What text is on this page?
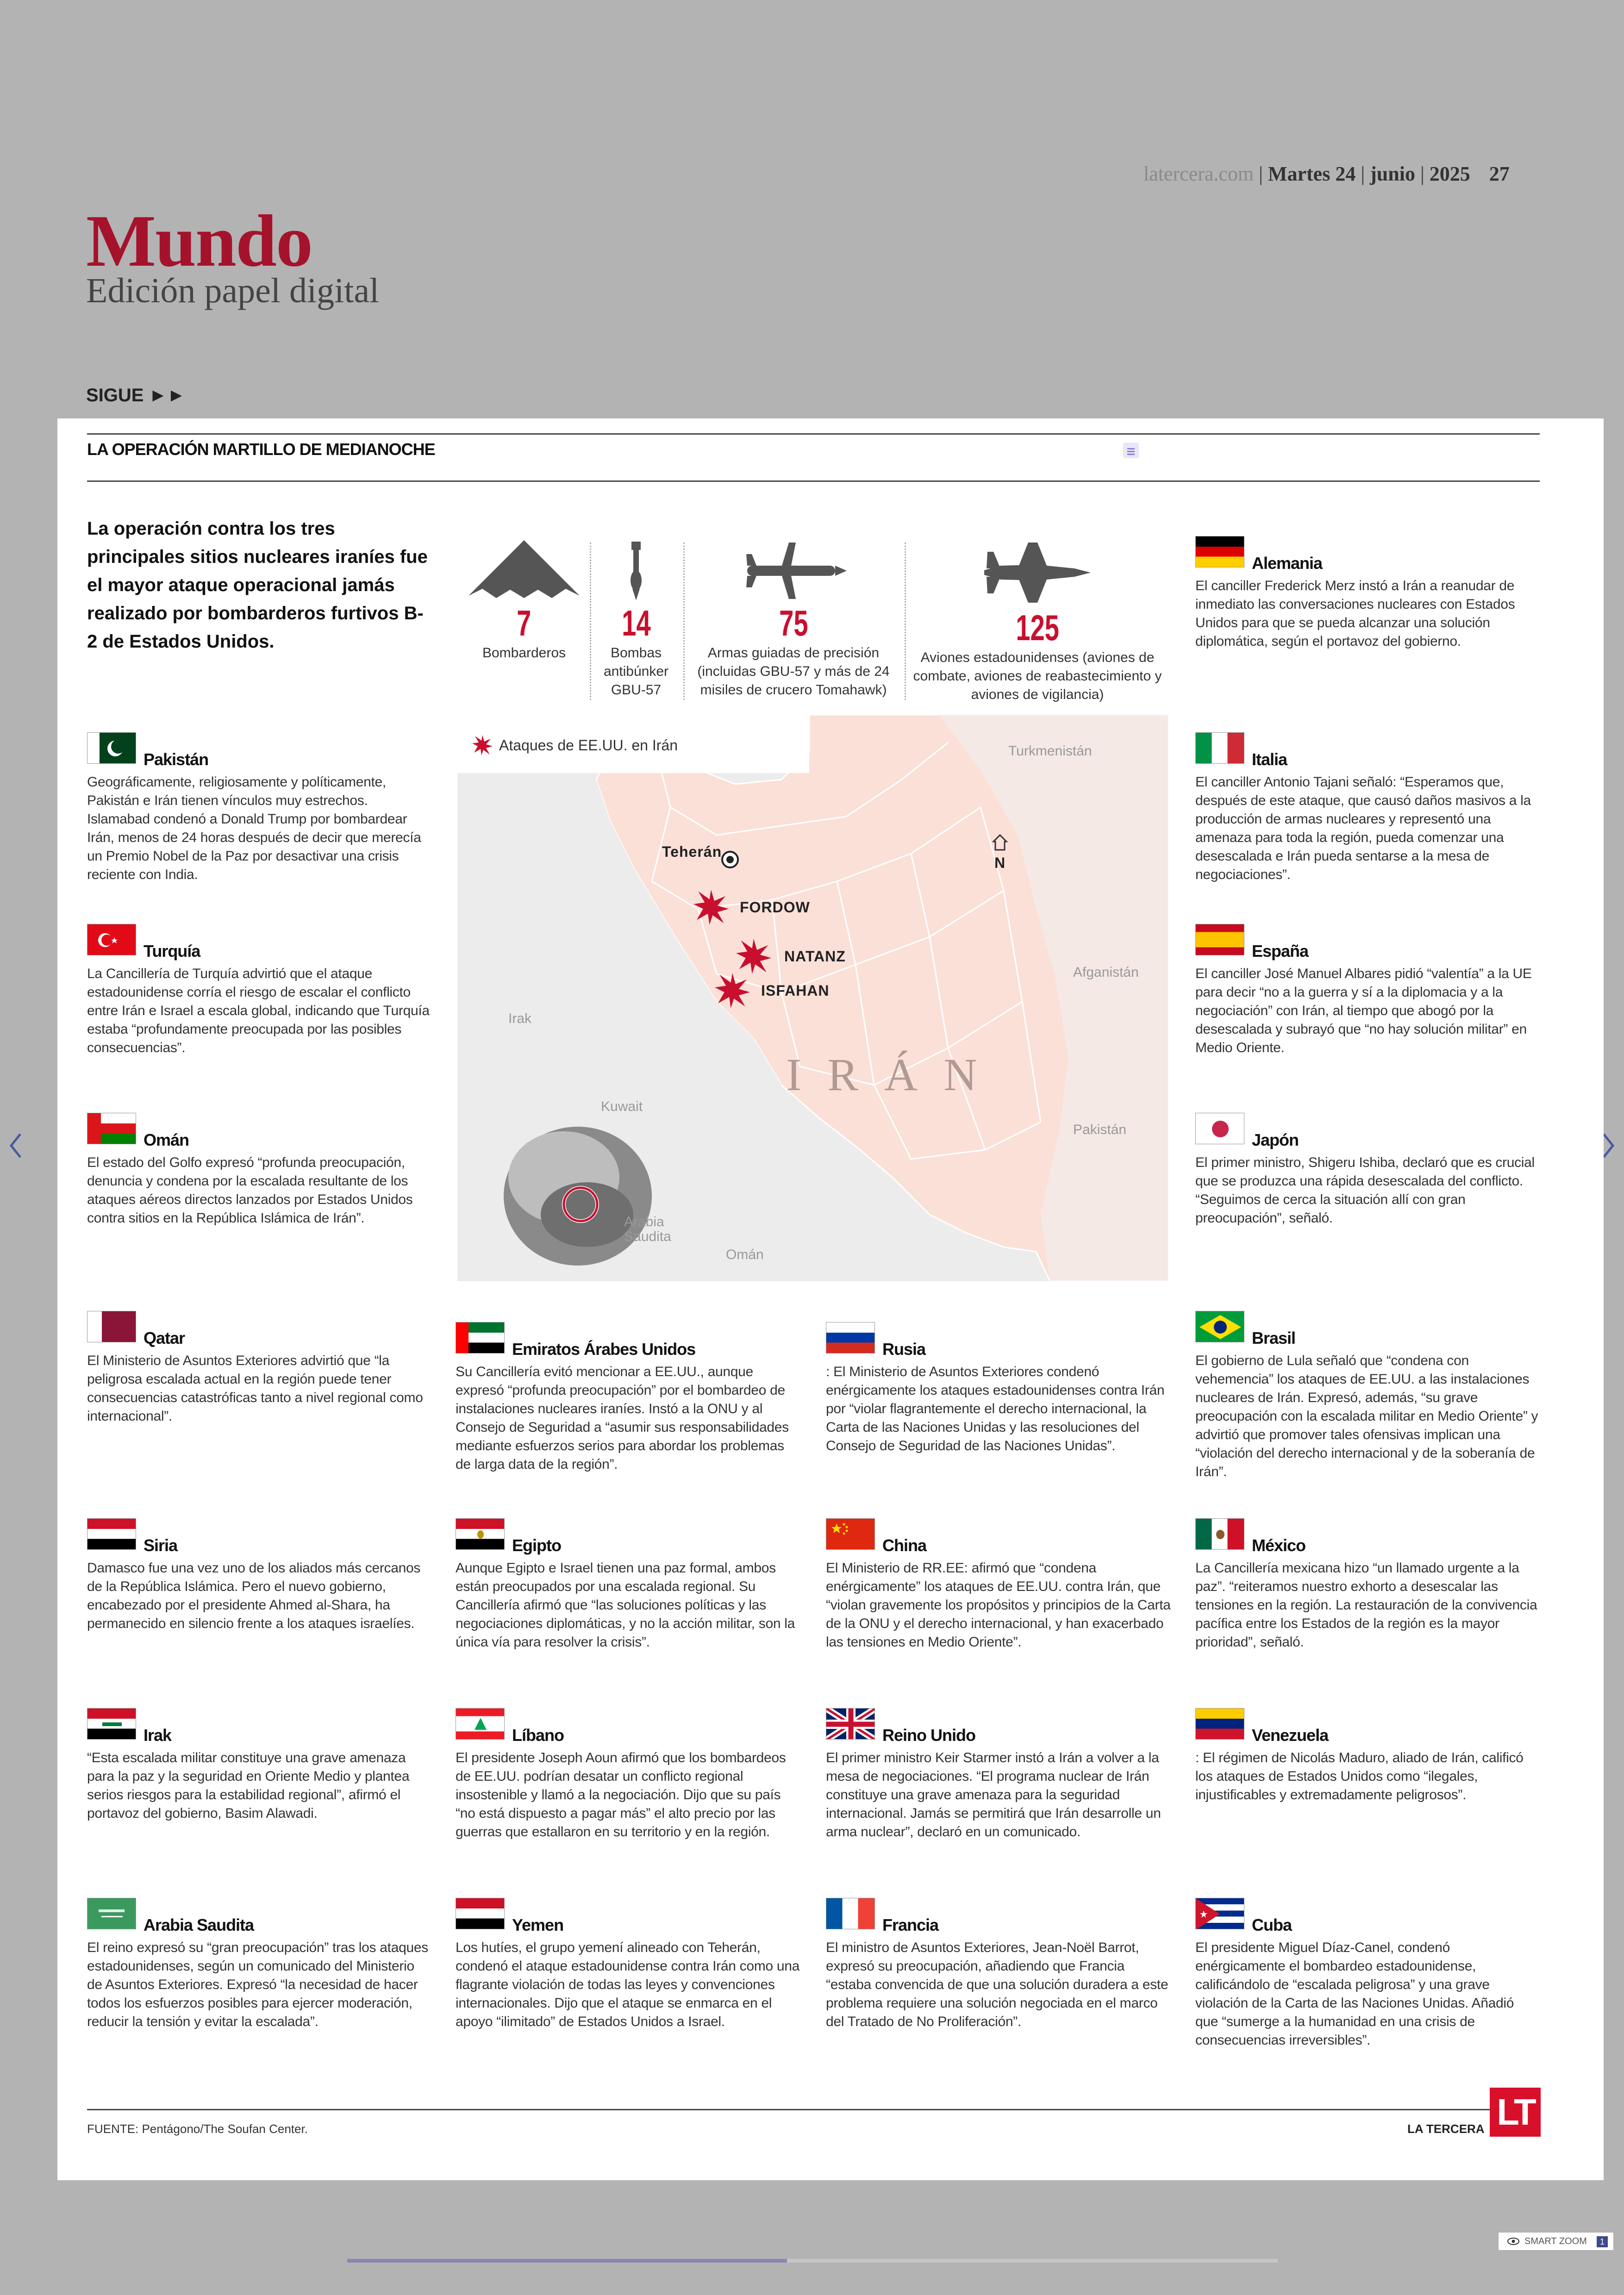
latercera.com | Martes 24 | junio | 2025 27
Mundo
Edición papel digital
SIGUE ►►
LA OPERACIÓN MARTILLO DE MEDIANOCHE
La operación contra los tres principales sitios nucleares iraníes fue el mayor ataque operacional jamás realizado por bombarderos furtivos B-2 de Estados Unidos.	7
Bombarderos
14
Bombas antibúnker GBU-57
75
Armas guiadas de precisión (incluidas GBU-57 y más de 24 misiles de crucero Tomahawk)
125
Aviones estadounidenses (aviones de combate, aviones de reabastecimiento y aviones de vigilancia)
Ataques de EE.UU. en Irán	Turkmenistán
Afganistán
Irak
Kuwait
Pakistán
Arabia Saudita
Omán
N
Teherán
FORDOW
NATANZ
ISFAHAN
IRÁN
Alemania
El canciller Frederick Merz instó a Irán a reanudar de inmediato las conversaciones nucleares con Estados Unidos para que se pueda alcanzar una solución diplomática, según el portavoz del gobierno.
Pakistán
Geográficamente, religiosamente y políticamente, Pakistán e Irán tienen vínculos muy estrechos. Islamabad condenó a Donald Trump por bombardear Irán, menos de 24 horas después de decir que merecía un Premio Nobel de la Paz por desactivar una crisis reciente con India.
Italia
El canciller Antonio Tajani señaló: “Esperamos que, después de este ataque, que causó daños masivos a la producción de armas nucleares y representó una amenaza para toda la región, pueda comenzar una desescalada e Irán pueda sentarse a la mesa de negociaciones”.
Turquía
La Cancillería de Turquía advirtió que el ataque estadounidense corría el riesgo de escalar el conflicto entre Irán e Israel a escala global, indicando que Turquía estaba “profundamente preocupada por las posibles consecuencias”.
España
El canciller José Manuel Albares pidió “valentía” a la UE para decir “no a la guerra y sí a la diplomacia y a la negociación” con Irán, al tiempo que abogó por la desescalada y subrayó que “no hay solución militar” en Medio Oriente.
Omán
El estado del Golfo expresó “profunda preocupación, denuncia y condena por la escalada resultante de los ataques aéreos directos lanzados por Estados Unidos contra sitios en la República Islámica de Irán”.
Japón
El primer ministro, Shigeru Ishiba, declaró que es crucial que se produzca una rápida desescalada del conflicto. “Seguimos de cerca la situación allí con gran preocupación”, señaló.
Qatar
El Ministerio de Asuntos Exteriores advirtió que “la peligrosa escalada actual en la región puede tener consecuencias catastróficas tanto a nivel regional como internacional”.
Emiratos Árabes Unidos
Su Cancillería evitó mencionar a EE.UU., aunque expresó “profunda preocupación” por el bombardeo de instalaciones nucleares iraníes. Instó a la ONU y al Consejo de Seguridad a “asumir sus responsabilidades mediante esfuerzos serios para abordar los problemas de larga data de la región”.
Rusia
: El Ministerio de Asuntos Exteriores condenó enérgicamente los ataques estadounidenses contra Irán por “violar flagrantemente el derecho internacional, la Carta de las Naciones Unidas y las resoluciones del Consejo de Seguridad de las Naciones Unidas”.
Brasil
El gobierno de Lula señaló que “condena con vehemencia” los ataques de EE.UU. a las instalaciones nucleares de Irán. Expresó, además, “su grave preocupación con la escalada militar en Medio Oriente” y advirtió que promover tales ofensivas implican una “violación del derecho internacional y de la soberanía de Irán”.
Siria
Damasco fue una vez uno de los aliados más cercanos de la República Islámica. Pero el nuevo gobierno, encabezado por el presidente Ahmed al-Shara, ha permanecido en silencio frente a los ataques israelíes.
Egipto
Aunque Egipto e Israel tienen una paz formal, ambos están preocupados por una escalada regional. Su Cancillería afirmó que “las soluciones políticas y las negociaciones diplomáticas, y no la acción militar, son la única vía para resolver la crisis”.
China
El Ministerio de RR.EE: afirmó que “condena enérgicamente” los ataques de EE.UU. contra Irán, que “violan gravemente los propósitos y principios de la Carta de la ONU y el derecho internacional, y han exacerbado las tensiones en Medio Oriente”.
México
La Cancillería mexicana hizo “un llamado urgente a la paz”. “reiteramos nuestro exhorto a desescalar las tensiones en la región. La restauración de la convivencia pacífica entre los Estados de la región es la mayor prioridad”, señaló.
Irak
“Esta escalada militar constituye una grave amenaza para la paz y la seguridad en Oriente Medio y plantea serios riesgos para la estabilidad regional”, afirmó el portavoz del gobierno, Basim Alawadi.
Líbano
El presidente Joseph Aoun afirmó que los bombardeos de EE.UU. podrían desatar un conflicto regional insostenible y llamó a la negociación. Dijo que su país “no está dispuesto a pagar más” el alto precio por las guerras que estallaron en su territorio y en la región.
Reino Unido
El primer ministro Keir Starmer instó a Irán a volver a la mesa de negociaciones. “El programa nuclear de Irán constituye una grave amenaza para la seguridad internacional. Jamás se permitirá que Irán desarrolle un arma nuclear”, declaró en un comunicado.
Venezuela
: El régimen de Nicolás Maduro, aliado de Irán, calificó los ataques de Estados Unidos como “ilegales, injustificables y extremadamente peligrosos”.
Arabia Saudita
El reino expresó su “gran preocupación” tras los ataques estadounidenses, según un comunicado del Ministerio de Asuntos Exteriores. Expresó “la necesidad de hacer todos los esfuerzos posibles para ejercer moderación, reducir la tensión y evitar la escalada”.
Yemen
Los hutíes, el grupo yemení alineado con Teherán, condenó el ataque estadounidense contra Irán como una flagrante violación de todas las leyes y convenciones internacionales. Dijo que el ataque se enmarca en el apoyo “ilimitado” de Estados Unidos a Israel.
Francia
El ministro de Asuntos Exteriores, Jean-Noël Barrot, expresó su preocupación, añadiendo que Francia “estaba convencida de que una solución duradera a este problema requiere una solución negociada en el marco del Tratado de No Proliferación”.
Cuba
El presidente Miguel Díaz-Canel, condenó enérgicamente el bombardeo estadounidense, calificándolo de “escalada peligrosa” y una grave violación de la Carta de las Naciones Unidas. Añadió que “sumerge a la humanidad en una crisis de consecuencias irreversibles”.
FUENTE: Pentágono/The Soufan Center.	LA TERCERA LT
SMART ZOOM	1
